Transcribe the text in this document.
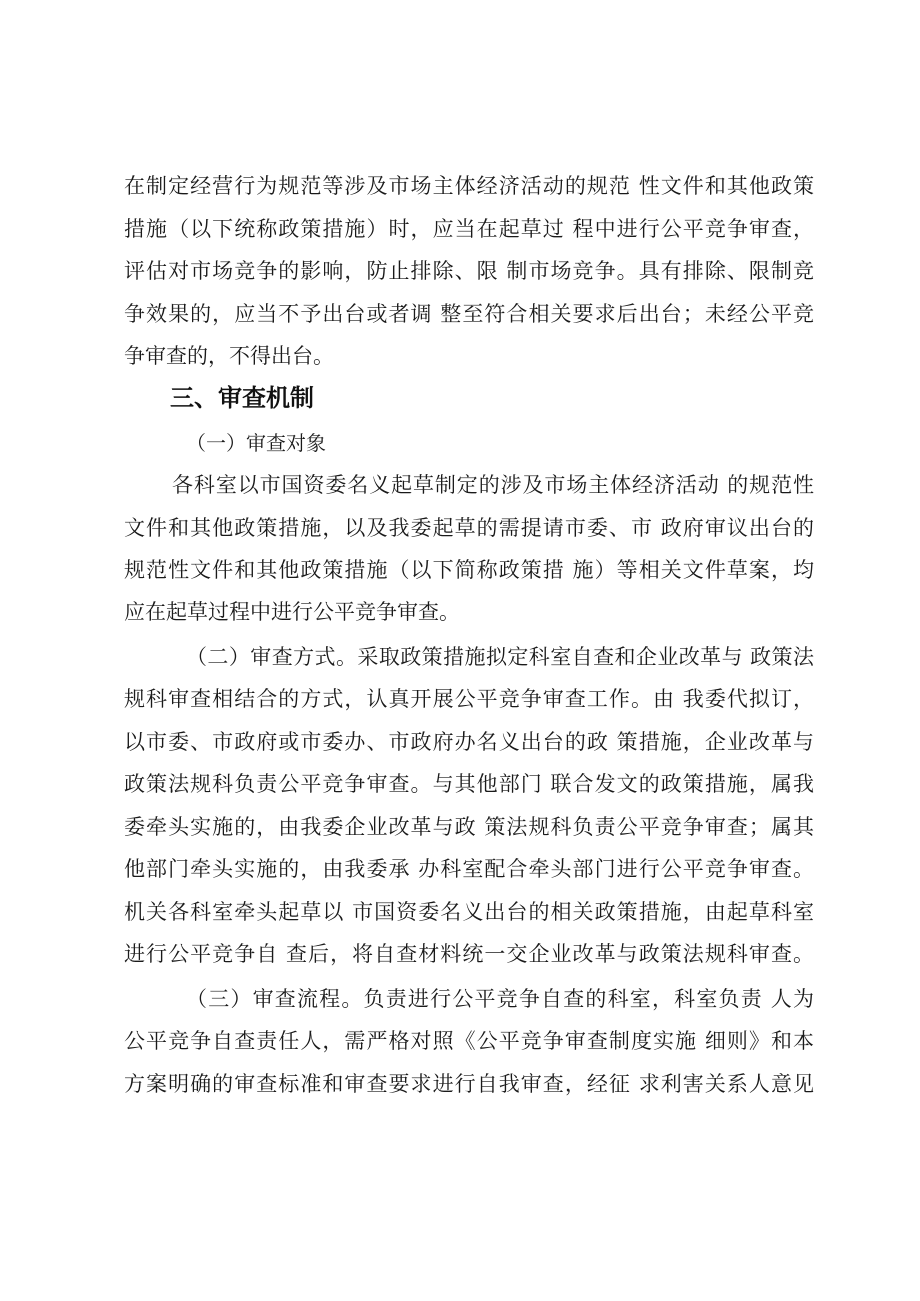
在制定经营行为规范等涉及市场主体经济活动的规范 性文件和其他政策
措施（以下统称政策措施）时，应当在起草过 程中进行公平竞争审查，
评估对市场竞争的影响，防止排除、限 制市场竞争。具有排除、限制竞
争效果的，应当不予出台或者调 整至符合相关要求后出台；未经公平竞
争审查的，不得出台。
三、审查机制
（一）审查对象
各科室以市国资委名义起草制定的涉及市场主体经济活动 的规范性
文件和其他政策措施，以及我委起草的需提请市委、市 政府审议出台的
规范性文件和其他政策措施（以下简称政策措 施）等相关文件草案，均
应在起草过程中进行公平竞争审查。
（二）审查方式。采取政策措施拟定科室自查和企业改革与 政策法
规科审查相结合的方式，认真开展公平竞争审查工作。由 我委代拟订，
以市委、市政府或市委办、市政府办名义出台的政 策措施，企业改革与
政策法规科负责公平竞争审查。与其他部门 联合发文的政策措施，属我
委牵头实施的，由我委企业改革与政 策法规科负责公平竞争审查；属其
他部门牵头实施的，由我委承 办科室配合牵头部门进行公平竞争审查。
机关各科室牵头起草以 市国资委名义出台的相关政策措施，由起草科室
进行公平竞争自 查后，将自查材料统一交企业改革与政策法规科审查。
（三）审查流程。负责进行公平竞争自查的科室，科室负责 人为
公平竞争自查责任人，需严格对照《公平竞争审查制度实施 细则》和本
方案明确的审查标准和审查要求进行自我审查，经征 求利害关系人意见
